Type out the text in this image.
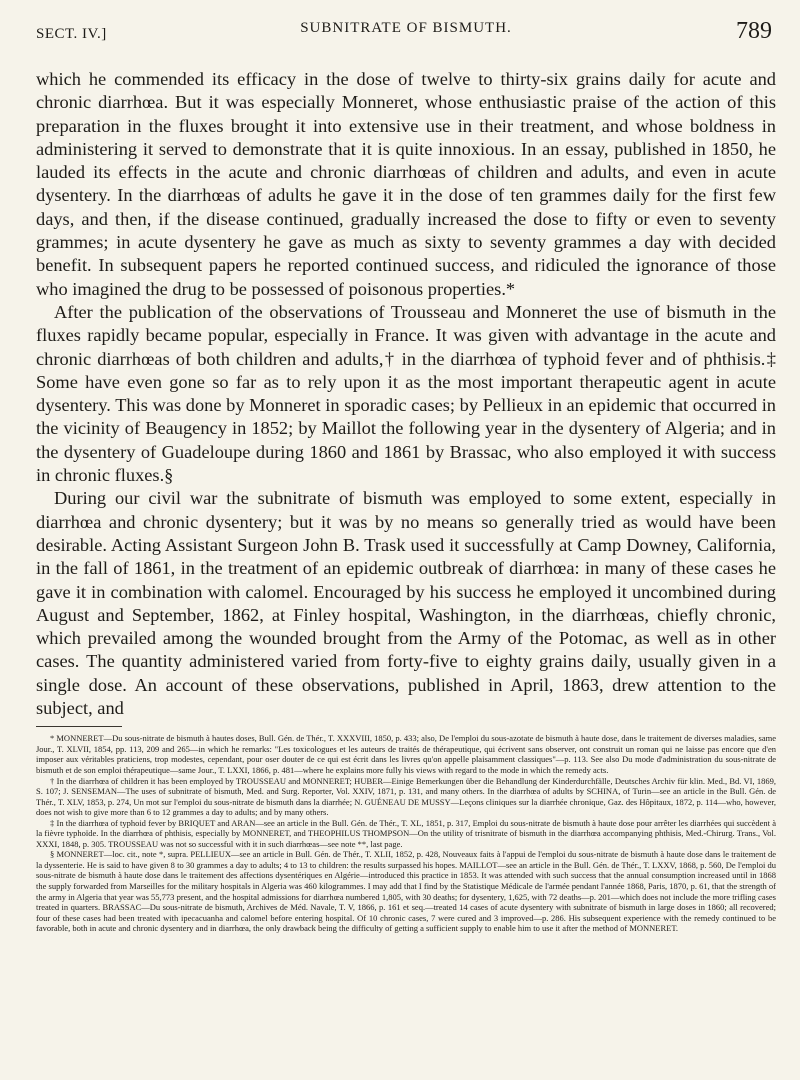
SECT. IV.]	SUBNITRATE OF BISMUTH.	789

which he commended its efficacy in the dose of twelve to thirty-six grains daily for acute and chronic diarrhœa. But it was especially Monneret, whose enthusiastic praise of the action of this preparation in the fluxes brought it into extensive use in their treatment, and whose boldness in administering it served to demonstrate that it is quite innoxious. In an essay, published in 1850, he lauded its effects in the acute and chronic diarrhœas of children and adults, and even in acute dysentery. In the diarrhœas of adults he gave it in the dose of ten grammes daily for the first few days, and then, if the disease continued, gradually increased the dose to fifty or even to seventy grammes; in acute dysentery he gave as much as sixty to seventy grammes a day with decided benefit. In subsequent papers he reported continued success, and ridiculed the ignorance of those who imagined the drug to be possessed of poisonous properties.*

After the publication of the observations of Trousseau and Monneret the use of bismuth in the fluxes rapidly became popular, especially in France. It was given with advantage in the acute and chronic diarrhœas of both children and adults,† in the diarrhœa of typhoid fever and of phthisis.‡ Some have even gone so far as to rely upon it as the most important therapeutic agent in acute dysentery. This was done by Monneret in sporadic cases; by Pellieux in an epidemic that occurred in the vicinity of Beaugency in 1852; by Maillot the following year in the dysentery of Algeria; and in the dysentery of Guadeloupe during 1860 and 1861 by Brassac, who also employed it with success in chronic fluxes.§

During our civil war the subnitrate of bismuth was employed to some extent, especially in diarrhœa and chronic dysentery; but it was by no means so generally tried as would have been desirable. Acting Assistant Surgeon John B. Trask used it successfully at Camp Downey, California, in the fall of 1861, in the treatment of an epidemic outbreak of diarrhœa: in many of these cases he gave it in combination with calomel. Encouraged by his success he employed it uncombined during August and September, 1862, at Finley hospital, Washington, in the diarrhœas, chiefly chronic, which prevailed among the wounded brought from the Army of the Potomac, as well as in other cases. The quantity administered varied from forty-five to eighty grains daily, usually given in a single dose. An account of these observations, published in April, 1863, drew attention to the subject, and

* MONNERET—Du sous-nitrate de bismuth à hautes doses, Bull. Gén. de Thér., T. XXXVIII, 1850, p. 433; also, De l'emploi du sous-azotate de bismuth à haute dose, dans le traitement de diverses maladies, same Jour., T. XLVII, 1854, pp. 113, 209 and 265—in which he remarks: "Les toxicologues et les auteurs de traités de thérapeutique, qui écrivent sans observer, ont construit un roman qui ne laisse pas encore que d'en imposer aux véritables praticiens, trop modestes, cependant, pour oser douter de ce qui est écrit dans les livres qu'on appelle plaisamment classiques"—p. 113. See also Du mode d'administration du sous-nitrate de bismuth et de son emploi thérapeutique—same Jour., T. LXXI, 1866, p. 481—where he explains more fully his views with regard to the mode in which the remedy acts.

† In the diarrhœa of children it has been employed by TROUSSEAU and MONNERET; HUBER—Einige Bemerkungen über die Behandlung der Kinderdurchfälle, Deutsches Archiv für klin. Med., Bd. VI, 1869, S. 107; J. SENSEMAN—The uses of subnitrate of bismuth, Med. and Surg. Reporter, Vol. XXIV, 1871, p. 131, and many others. In the diarrhœa of adults by SCHINA, of Turin—see an article in the Bull. Gén. de Thér., T. XLV, 1853, p. 274, Un mot sur l'emploi du sous-nitrate de bismuth dans la diarrhée; N. GUÉNEAU DE MUSSY—Leçons cliniques sur la diarrhée chronique, Gaz. des Hôpitaux, 1872, p. 114—who, however, does not wish to give more than 6 to 12 grammes a day to adults; and by many others.

‡ In the diarrhœa of typhoid fever by BRIQUET and ARAN—see an article in the Bull. Gén. de Thér., T. XL, 1851, p. 317, Emploi du sous-nitrate de bismuth à haute dose pour arrêter les diarrhées qui succèdent à la fièvre typhoïde. In the diarrhœa of phthisis, especially by MONNERET, and THEOPHILUS THOMPSON—On the utility of trisnitrate of bismuth in the diarrhœa accompanying phthisis, Med.-Chirurg. Trans., Vol. XXXI, 1848, p. 305. TROUSSEAU was not so successful with it in such diarrhœas—see note **, last page.

§ MONNERET—loc. cit., note *, supra. PELLIEUX—see an article in Bull. Gén. de Thér., T. XLII, 1852, p. 428, Nouveaux faits à l'appui de l'emploi du sous-nitrate de bismuth à haute dose dans le traitement de la dyssenterie. He is said to have given 8 to 30 grammes a day to adults; 4 to 13 to children: the results surpassed his hopes. MAILLOT—see an article in the Bull. Gén. de Thér., T. LXXV, 1868, p. 560, De l'emploi du sous-nitrate de bismuth à haute dose dans le traitement des affections dysentériques en Algérie—introduced this practice in 1853. It was attended with such success that the annual consumption increased until in 1868 the supply forwarded from Marseilles for the military hospitals in Algeria was 460 kilogrammes. I may add that I find by the Statistique Médicale de l'armée pendant l'année 1868, Paris, 1870, p. 61, that the strength of the army in Algeria that year was 55,773 present, and the hospital admissions for diarrhœa numbered 1,805, with 30 deaths; for dysentery, 1,625, with 72 deaths—p. 201—which does not include the more trifling cases treated in quarters. BRASSAC—Du sous-nitrate de bismuth, Archives de Méd. Navale, T. V, 1866, p. 161 et seq.—treated 14 cases of acute dysentery with subnitrate of bismuth in large doses in 1860; all recovered; four of these cases had been treated with ipecacuanha and calomel before entering hospital. Of 10 chronic cases, 7 were cured and 3 improved—p. 286. His subsequent experience with the remedy continued to be favorable, both in acute and chronic dysentery and in diarrhœa, the only drawback being the difficulty of getting a sufficient supply to enable him to use it after the method of MONNERET.
